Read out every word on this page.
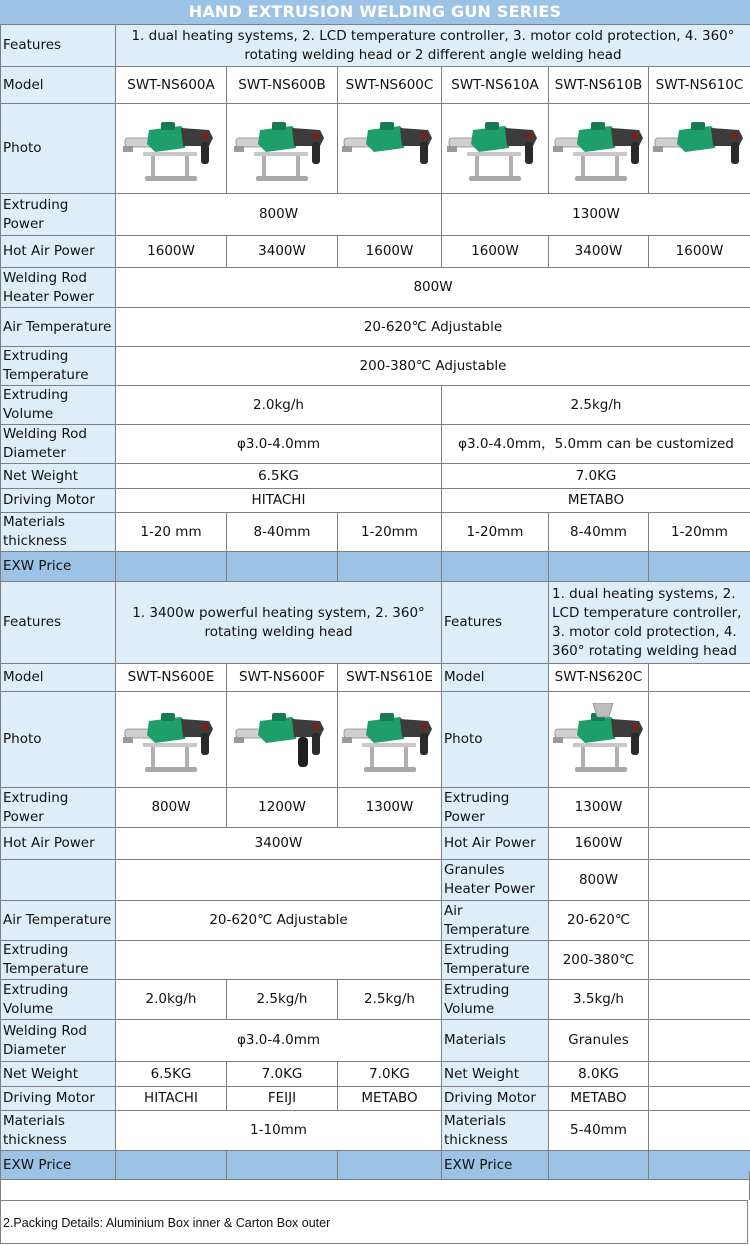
HAND EXTRUSION WELDING GUN SERIES
Features	1. dual heating systems, 2. LCD temperature controller, 3. motor cold protection, 4. 360° rotating welding head or 2 different angle welding head					
Model	SWT-NS600A	SWT-NS600B	SWT-NS600C	SWT-NS610A	SWT-NS610B	SWT-NS610C
Photo	

Extruding Power	800W			1300W		
Hot Air Power	1600W	3400W	1600W	1600W	3400W	1600W
Welding Rod Heater Power	800W					
Air Temperature	20-620℃ Adjustable					
Extruding Temperature	200-380℃ Adjustable					
Extruding Volume	2.0kg/h			2.5kg/h		
Welding Rod Diameter	φ3.0-4.0mm			φ3.0-4.0mm，5.0mm can be customized		
Net Weight	6.5KG			7.0KG		
Driving Motor	HITACHI			METABO		
Materials thickness	1-20 mm	8-40mm	1-20mm	1-20mm	8-40mm	1-20mm
EXW Price						
Features	1. 3400w powerful heating system, 2. 360° rotating welding head			Features	1. dual heating systems, 2. LCD temperature controller, 3. motor cold protection, 4. 360° rotating welding head	
Model	SWT-NS600E	SWT-NS600F	SWT-NS610E	Model	SWT-NS620C	
Photo				Photo	

Extruding Power	800W	1200W	1300W	Extruding Power	1300W	
Hot Air Power	3400W			Hot Air Power	1600W	
				Granules Heater Power	800W	
Air Temperature	20-620℃ Adjustable			Air Temperature	20-620℃	
Extruding Temperature				Extruding Temperature	200-380℃	
Extruding Volume	2.0kg/h	2.5kg/h	2.5kg/h	Extruding Volume	3.5kg/h	
Welding Rod Diameter	φ3.0-4.0mm			Materials	Granules	
Net Weight	6.5KG	7.0KG	7.0KG	Net Weight	8.0KG	
Driving Motor	HITACHI	FEIJI	METABO	Driving Motor	METABO	
Materials thickness	1-10mm			Materials thickness	5-40mm	
EXW Price				EXW Price		
2.Packing Details: Aluminium Box inner & Carton Box outer
